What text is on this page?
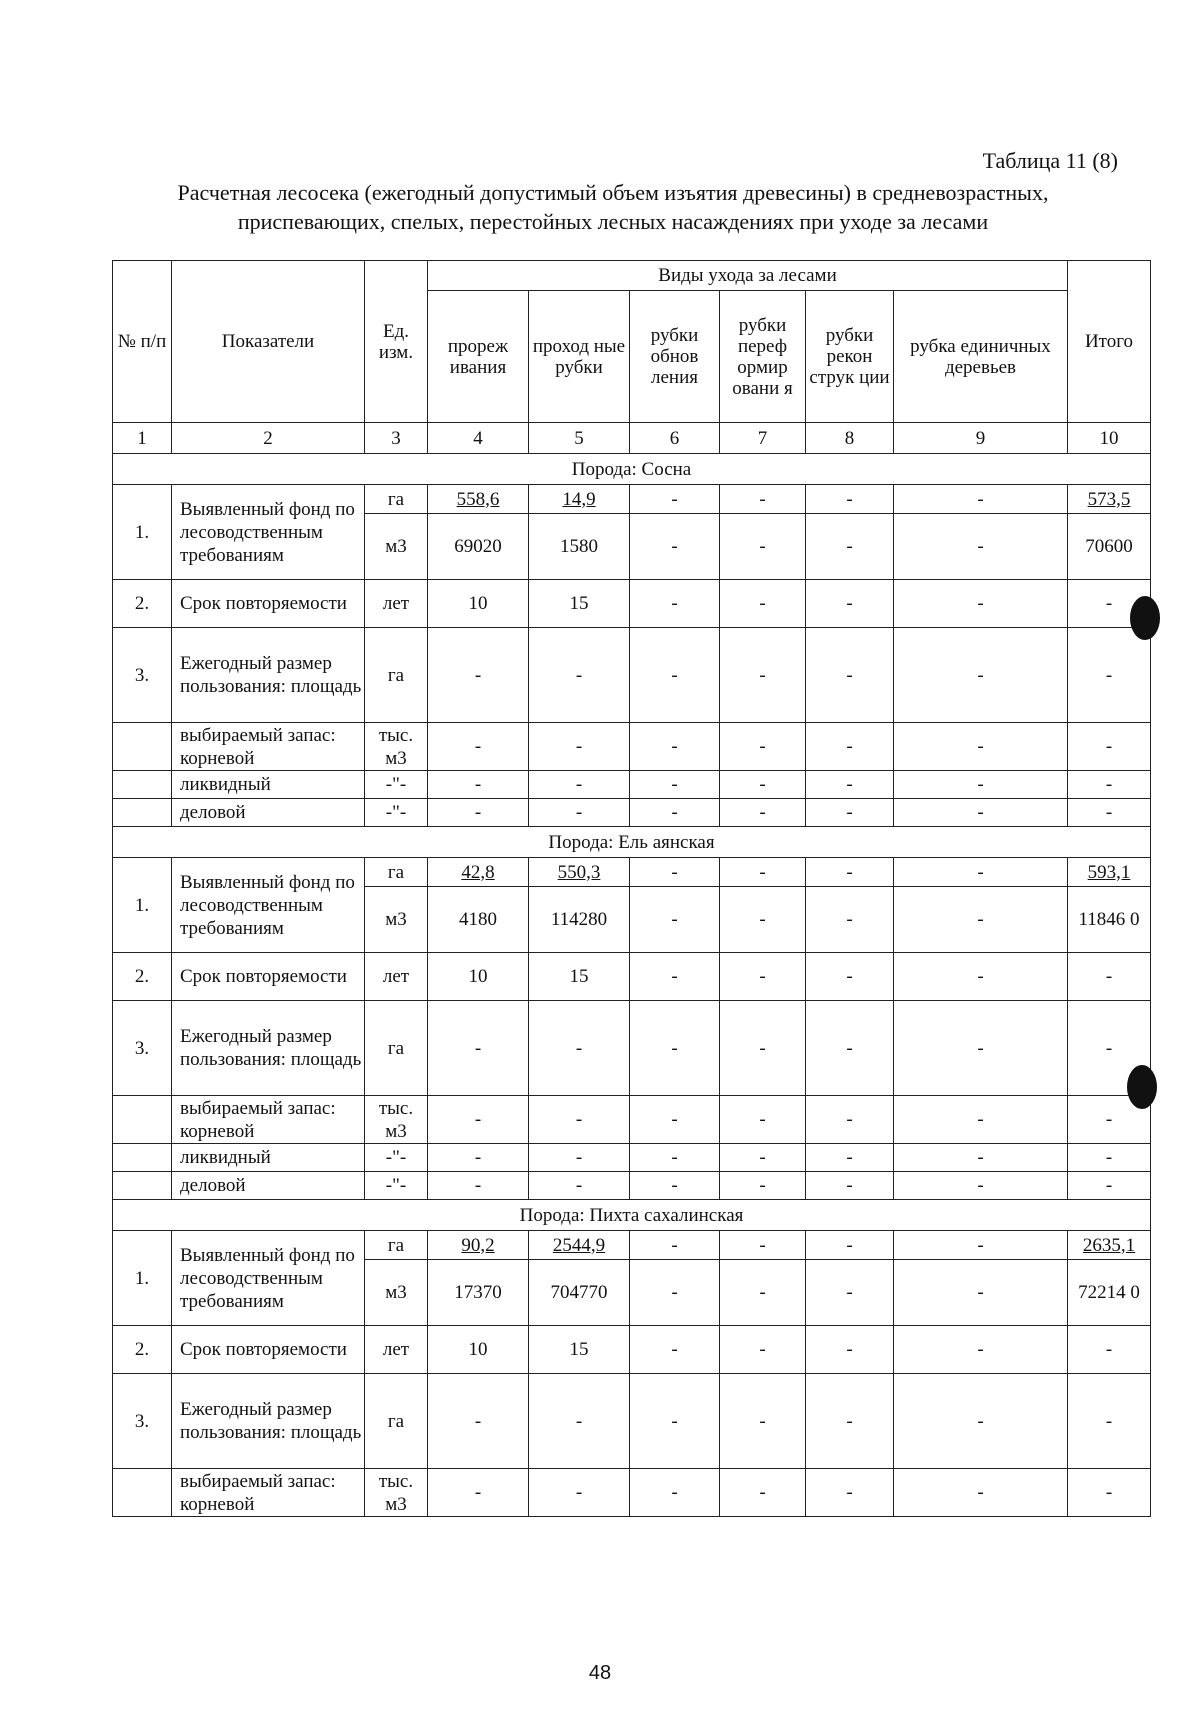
Таблица 11 (8)
Расчетная лесосека (ежегодный допустимый объем изъятия древесины) в средневозрастных, приспевающих, спелых, перестойных лесных насаждениях при уходе за лесами
№ п/п	Показатели	Ед. изм.	Виды ухода за лесами						Итого
			прореж ивания	проход ные рубки	рубки обнов ления	рубки переф ормир овани я	рубки рекон струк ции	рубка единичных деревьев	
1	2	3	4	5	6	7	8	9	10
Порода: Сосна									
1.	Выявленный фонд по лесоводственным требованиям	га	558,6	14,9	-	-	-	-	573,5
		м3	69020	1580	-	-	-	-	70600
2.	Срок повторяемости	лет	10	15	-	-	-	-	-
3.	Ежегодный размер пользования: площадь	га	-	-	-	-	-	-	-
	выбираемый запас: корневой	тыс. м3	-	-	-	-	-	-	-
	ликвидный	-"-	-	-	-	-	-	-	-
	деловой	-"-	-	-	-	-	-	-	-
Порода: Ель аянская									
1.	Выявленный фонд по лесоводственным требованиям	га	42,8	550,3	-	-	-	-	593,1
		м3	4180	114280	-	-	-	-	11846 0
2.	Срок повторяемости	лет	10	15	-	-	-	-	-
3.	Ежегодный размер пользования: площадь	га	-	-	-	-	-	-	-
	выбираемый запас: корневой	тыс. м3	-	-	-	-	-	-	-
	ликвидный	-"-	-	-	-	-	-	-	-
	деловой	-"-	-	-	-	-	-	-	-
Порода: Пихта сахалинская									
1.	Выявленный фонд по лесоводственным требованиям	га	90,2	2544,9	-	-	-	-	2635,1
		м3	17370	704770	-	-	-	-	72214 0
2.	Срок повторяемости	лет	10	15	-	-	-	-	-
3.	Ежегодный размер пользования: площадь	га	-	-	-	-	-	-	-
	выбираемый запас: корневой	тыс. м3	-	-	-	-	-	-	-
48
